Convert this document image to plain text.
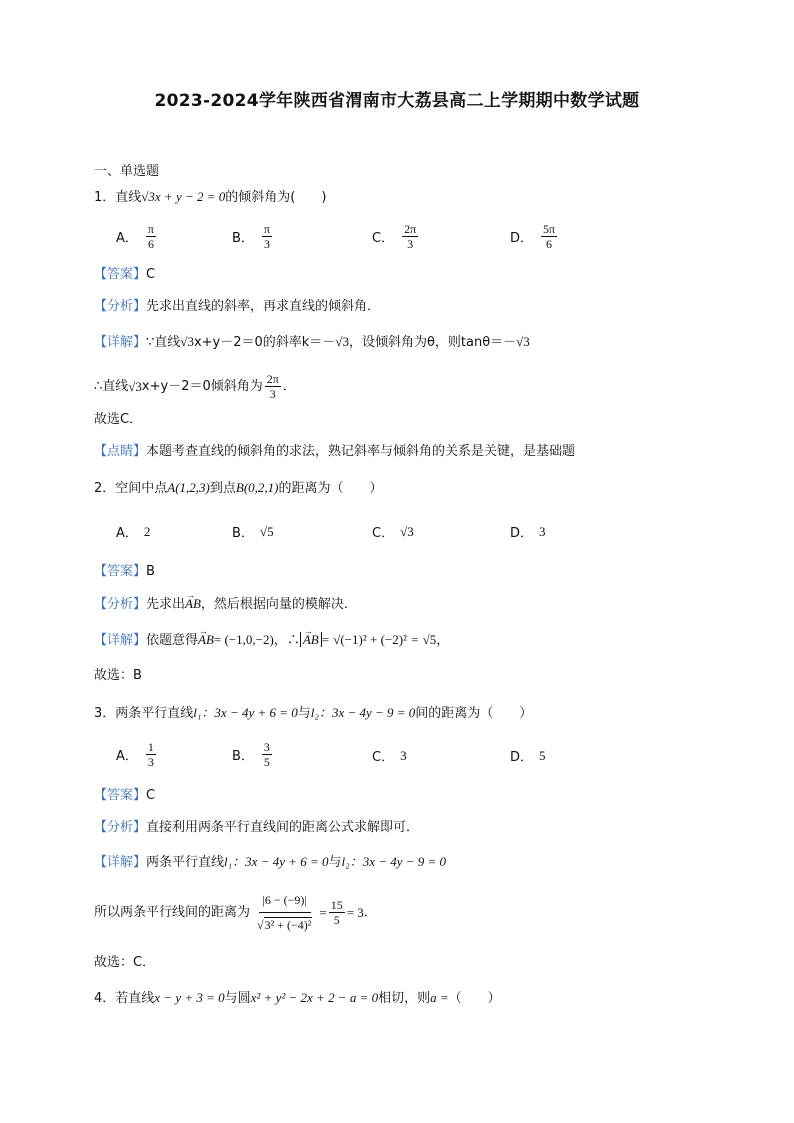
2023-2024学年陕西省渭南市大荔县高二上学期期中数学试题
一、单选题
1．直线√3x + y − 2 = 0的倾斜角为(　　)
A． $\frac{\pi}{6}$	B． $\frac{\pi}{3}$	C． $\frac{2\pi}{3}$	D． $\frac{5\pi}{6}$
【答案】C
【分析】先求出直线的斜率，再求直线的倾斜角．
【详解】∵直线√3x+y－2＝0的斜率k＝－√3，设倾斜角为θ，则tanθ＝－√3
∴直线 √3 x+y－2＝0倾斜角为 $\frac{2\pi}{3}$ ．
故选C．
【点睛】本题考查直线的倾斜角的求法，熟记斜率与倾斜角的关系是关键，是基础题
2．空间中点A(1,2,3)到点B(0,2,1)的距离为（　　）
A． 2	B． √5	C． √3	D． 3
【答案】B
【分析】先求出→ AB，然后根据向量的模解决.
【详解】依题意得→ AB= (−1,0,−2)，∴→ AB = √(−1)² + (−2)² = √5，
故选：B
3．两条平行直线l₁：3x − 4y + 6 = 0与l₂：3x − 4y − 9 = 0间的距离为（　　）
A． $\frac{1}{3}$	B． $\frac{3}{5}$	C． 3	D． 5
【答案】C
【分析】直接利用两条平行直线间的距离公式求解即可．
【详解】两条平行直线l₁：3x − 4y + 6 = 0与l₂：3x − 4y − 9 = 0
所以两条平行线间的距离为 $\frac{|6 - (-9)|}{\text{√3² + (−4)²}} = \frac{15}{5} = 3$ ．
故选：C．
4．若直线x − y + 3 = 0与圆x² + y² − 2x + 2 − a = 0相切，则a =（　　）
